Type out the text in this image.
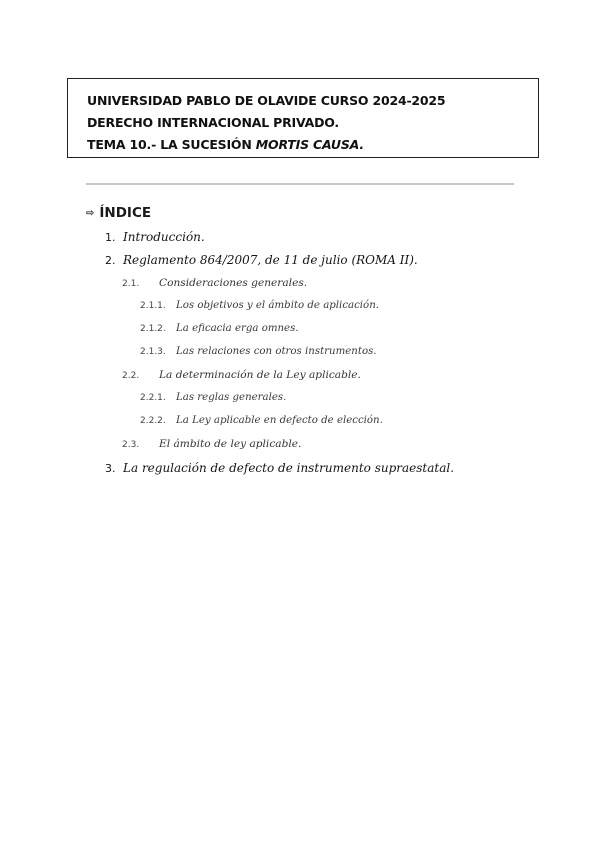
UNIVERSIDAD PABLO DE OLAVIDE CURSO 2024-2025
DERECHO INTERNACIONAL PRIVADO.
TEMA 10.- LA SUCESIÓN MORTIS CAUSA.
⇨ ÍNDICE
1. Introducción.
2. Reglamento 864/2007, de 11 de julio (ROMA II).
2.1. Consideraciones generales.
2.1.1. Los objetivos y el ámbito de aplicación.
2.1.2. La eficacia erga omnes.
2.1.3. Las relaciones con otros instrumentos.
2.2. La determinación de la Ley aplicable.
2.2.1. Las reglas generales.
2.2.2. La Ley aplicable en defecto de elección.
2.3. El ámbito de ley aplicable.
3. La regulación de defecto de instrumento supraestatal.
